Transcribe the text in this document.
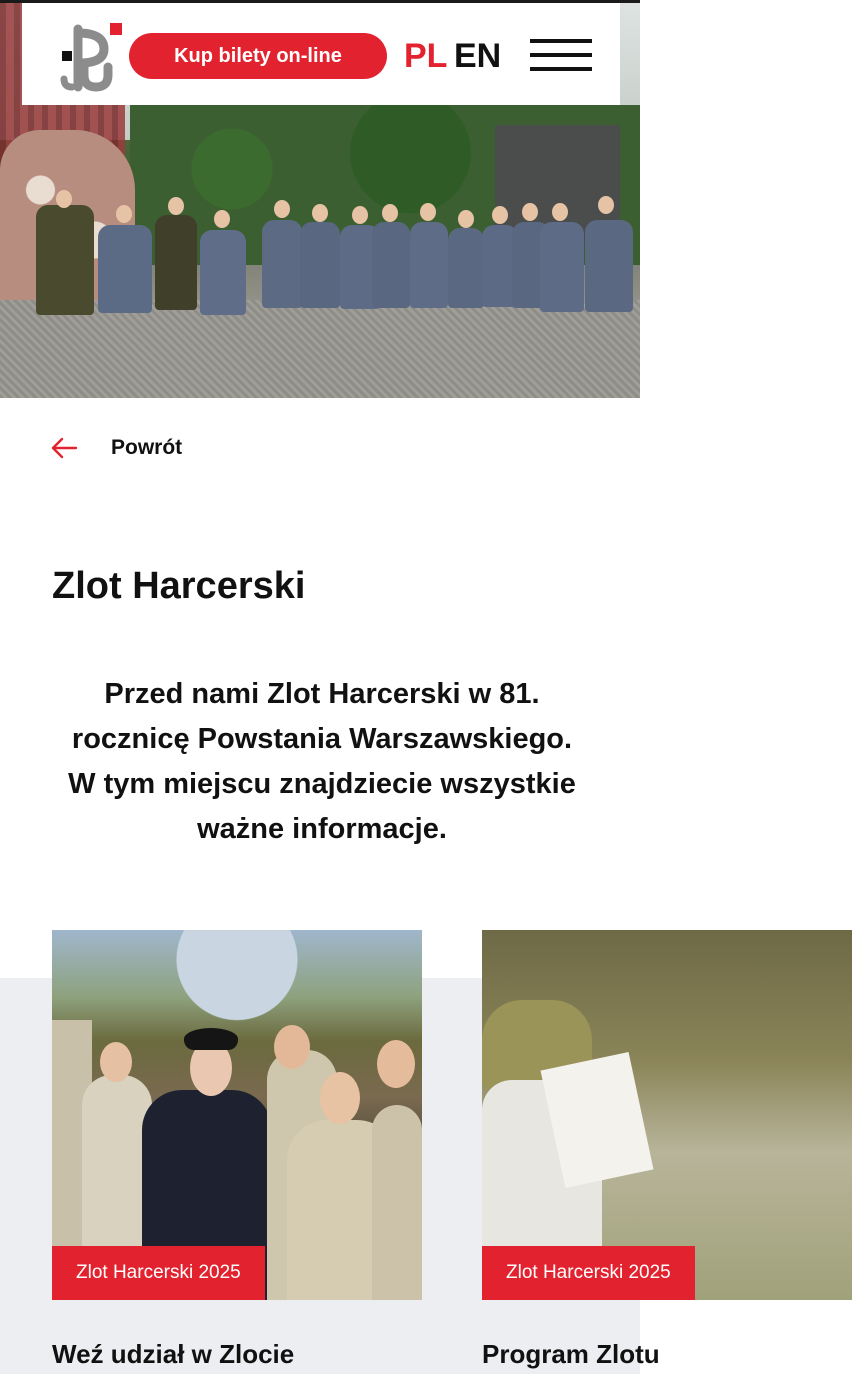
Kup bilety on-line	PL EN
Powrót
Zlot Harcerski

Przed nami Zlot Harcerski w 81. rocznicę Powstania Warszawskiego. W tym miejscu znajdziecie wszystkie ważne informacje.

Zlot Harcerski 2025
Weź udział w Zlocie
Zlot Harcerski 2025
Program Zlotu
